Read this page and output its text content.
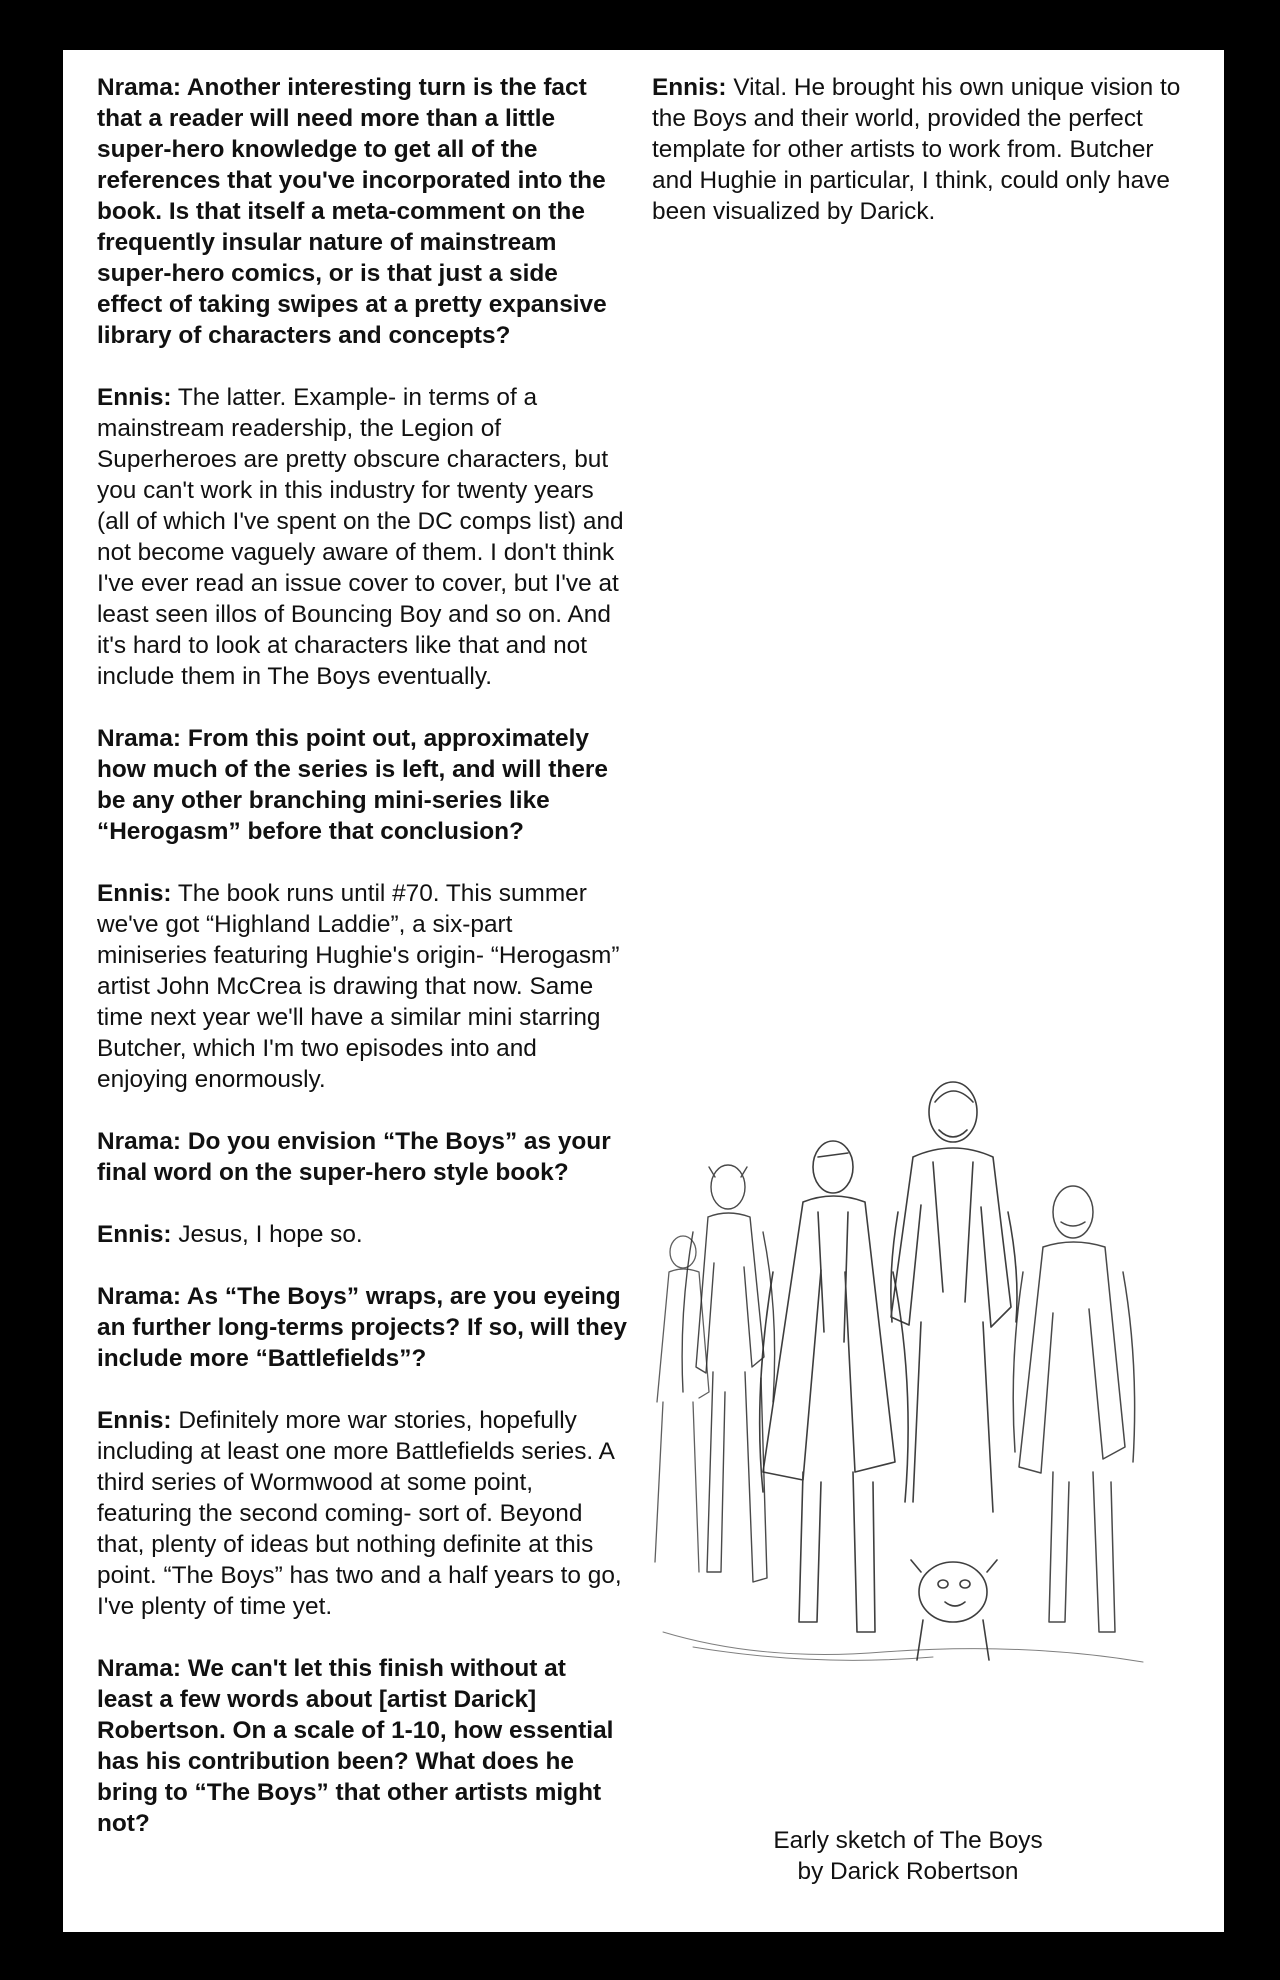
Nrama: Another interesting turn is the fact that a reader will need more than a little super-hero knowledge to get all of the references that you've incorporated into the book. Is that itself a meta-comment on the frequently insular nature of mainstream super-hero comics, or is that just a side effect of taking swipes at a pretty expansive library of characters and concepts?

Ennis: The latter. Example- in terms of a mainstream readership, the Legion of Superheroes are pretty obscure characters, but you can't work in this industry for twenty years (all of which I've spent on the DC comps list) and not become vaguely aware of them. I don't think I've ever read an issue cover to cover, but I've at least seen illos of Bouncing Boy and so on. And it's hard to look at characters like that and not include them in The Boys eventually.

Nrama: From this point out, approximately how much of the series is left, and will there be any other branching mini-series like “Herogasm” before that conclusion?

Ennis: The book runs until #70. This summer we've got “Highland Laddie”, a six-part miniseries featuring Hughie's origin- “Herogasm” artist John McCrea is drawing that now. Same time next year we'll have a similar mini starring Butcher, which I'm two episodes into and enjoying enormously.

Nrama: Do you envision “The Boys” as your final word on the super-hero style book?

Ennis: Jesus, I hope so.

Nrama: As “The Boys” wraps, are you eyeing an further long-terms projects? If so, will they include more “Battlefields”?

Ennis: Definitely more war stories, hopefully including at least one more Battlefields series. A third series of Wormwood at some point, featuring the second coming- sort of. Beyond that, plenty of ideas but nothing definite at this point. “The Boys” has two and a half years to go, I've plenty of time yet.

Nrama: We can't let this finish without at least a few words about [artist Darick] Robertson. On a scale of 1-10, how essential has his contribution been? What does he bring to “The Boys” that other artists might not?

Ennis: Vital. He brought his own unique vision to the Boys and their world, provided the perfect template for other artists to work from. Butcher and Hughie in particular, I think, could only have been visualized by Darick.

Early sketch of The Boys
by Darick Robertson
